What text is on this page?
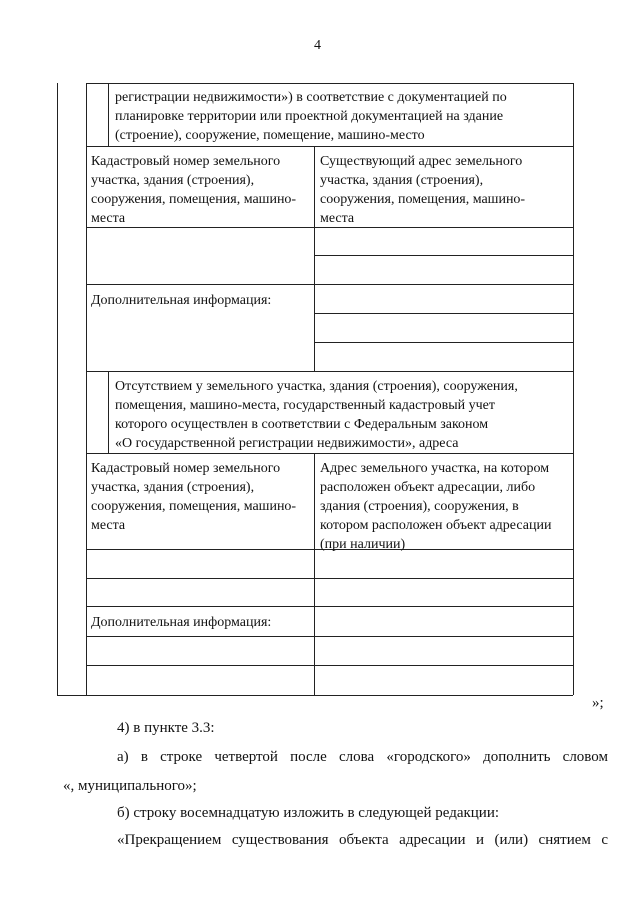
4
регистрации недвижимости») в соответствие с документацией по
планировке территории или проектной документацией на здание
(строение), сооружение, помещение, машино-место
Кадастровый номер земельного
участка, здания (строения),
сооружения, помещения, машино-
места
Существующий адрес земельного
участка, здания (строения),
сооружения, помещения, машино-
места
Дополнительная информация:
Отсутствием у земельного участка, здания (строения), сооружения,
помещения, машино-места, государственный кадастровый учет
которого осуществлен в соответствии с Федеральным законом
«О государственной регистрации недвижимости», адреса
Кадастровый номер земельного
участка, здания (строения),
сооружения, помещения, машино-
места
Адрес земельного участка, на котором
расположен объект адресации, либо
здания (строения), сооружения, в
котором расположен объект адресации
(при наличии)
Дополнительная информация:
»;
4) в пункте 3.3:
а) в строке четвертой после слова «городского» дополнить словом
«, муниципального»;
б) строку восемнадцатую изложить в следующей редакции:
«Прекращением существования объекта адресации и (или) снятием с
